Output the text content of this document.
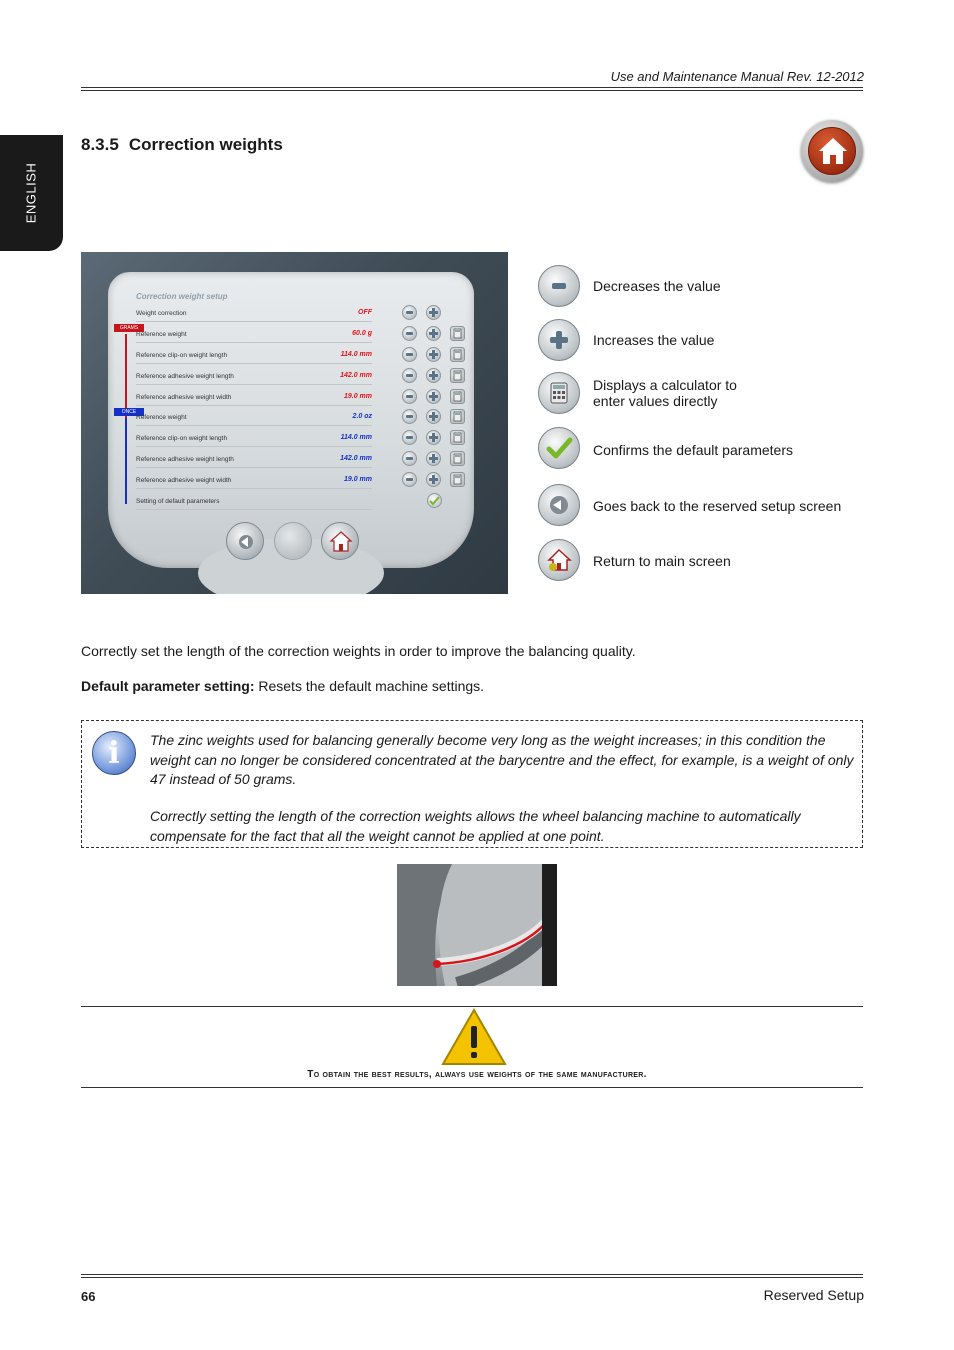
Use and Maintenance Manual Rev. 12-2012
ENGLISH
8.3.5 Correction weights
Correction weight setup
GRAMS
ONCE
Weight correction	OFF
Reference weight	60.0 g
Reference clip-on weight length	114.0 mm
Reference adhesive weight length	142.0 mm
Reference adhesive weight width	19.0 mm
Reference weight	2.0 oz
Reference clip-on weight length	114.0 mm
Reference adhesive weight length	142.0 mm
Reference adhesive weight width	19.0 mm
Setting of default parameters
Decreases the value
Increases the value
Displays a calculator to
enter values directly
Confirms the default parameters
Goes back to the reserved setup screen
Return to main screen
Correctly set the length of the correction weights in order to improve the balancing quality.
Default parameter setting: Resets the default machine settings.
i	The zinc weights used for balancing generally become very long as the weight increases; in this condition the weight can no longer be considered concentrated at the barycentre and the effect, for example, is a weight of only 47 instead of 50 grams.
Correctly setting the length of the correction weights allows the wheel balancing machine to automatically compensate for the fact that all the weight cannot be applied at one point.
To obtain the best results, always use weights of the same manufacturer.
66	Reserved Setup
